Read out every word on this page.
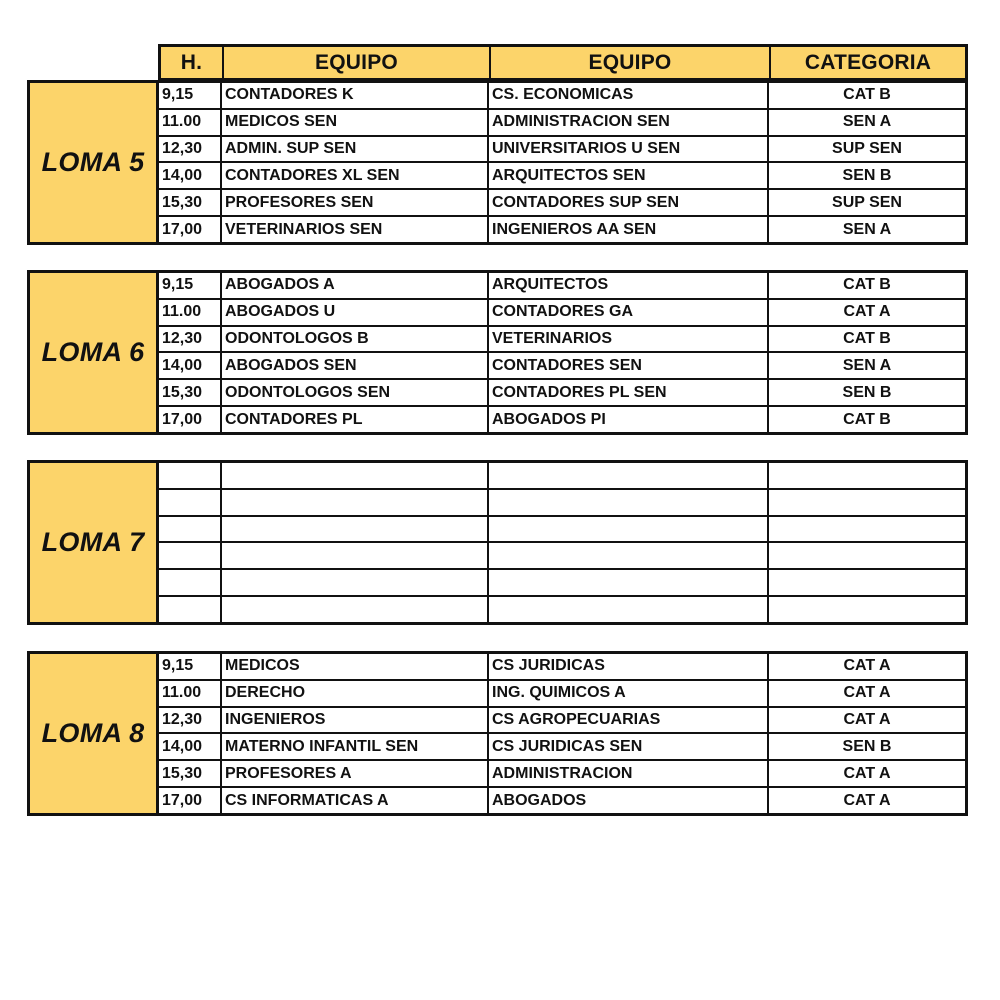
H.	EQUIPO	EQUIPO	CATEGORIA
LOMA 5
9,15	CONTADORES K	CS. ECONOMICAS	CAT B
11.00	MEDICOS SEN	ADMINISTRACION SEN	SEN A
12,30	ADMIN. SUP SEN	UNIVERSITARIOS U SEN	SUP SEN
14,00	CONTADORES XL SEN	ARQUITECTOS SEN	SEN B
15,30	PROFESORES SEN	CONTADORES SUP SEN	SUP SEN
17,00	VETERINARIOS SEN	INGENIEROS AA SEN	SEN A
LOMA 6
9,15	ABOGADOS A	ARQUITECTOS	CAT B
11.00	ABOGADOS U	CONTADORES GA	CAT A
12,30	ODONTOLOGOS B	VETERINARIOS	CAT B
14,00	ABOGADOS SEN	CONTADORES SEN	SEN A
15,30	ODONTOLOGOS SEN	CONTADORES PL SEN	SEN B
17,00	CONTADORES PL	ABOGADOS PI	CAT B
LOMA 7
LOMA 8
9,15	MEDICOS	CS JURIDICAS	CAT A
11.00	DERECHO	ING. QUIMICOS A	CAT A
12,30	INGENIEROS	CS AGROPECUARIAS	CAT A
14,00	MATERNO INFANTIL SEN	CS JURIDICAS SEN	SEN B
15,30	PROFESORES A	ADMINISTRACION	CAT A
17,00	CS INFORMATICAS A	ABOGADOS	CAT A
